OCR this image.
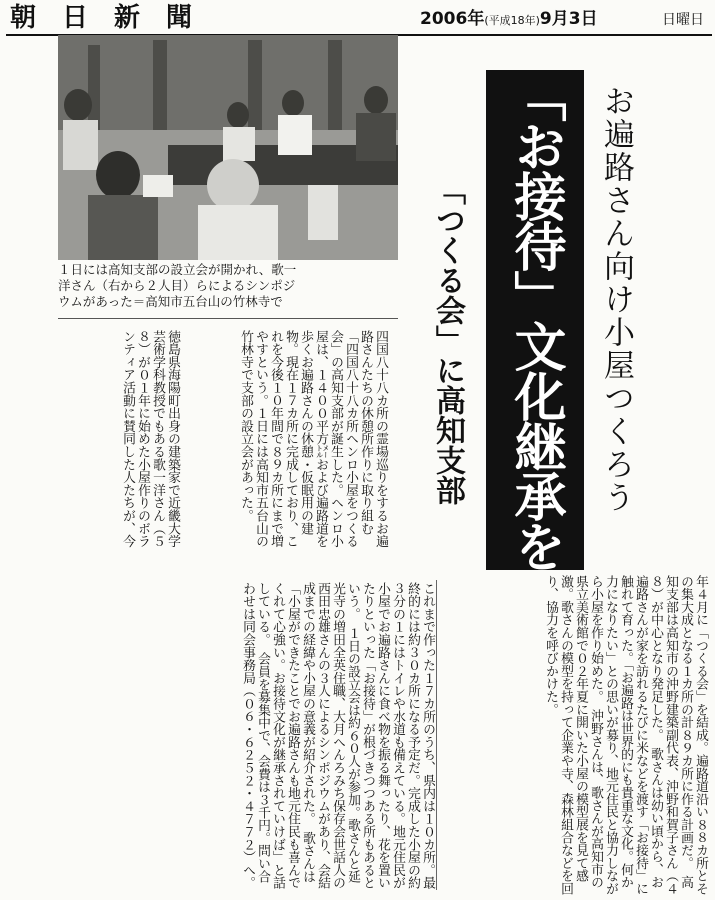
朝日新聞	2006年(平成18年)9月3日	日曜日
１日には高知支部の設立会が開かれ、歌一
洋さん（右から２人目）らによるシンポジ
ウムがあった＝高知市五台山の竹林寺で	お遍路さん向け小屋つくろう
「お接待」文化継承を
「つくる会」に高知支部
四国八十八カ所の霊場巡りをするお遍路さんたちの休憩所作りに取り組む「四国八十八カ所ヘンロ小屋をつくる会」の高知支部が誕生した。ヘンロ小屋は、１４００平方㍍および遍路道を歩くお遍路さんの休憩・仮眠用の建物。現在１７カ所に完成しており、これを今後１０年間で８９カ所にまで増やすという。１日には高知市五台山の竹林寺で支部の設立会があった。
徳島県海陽町出身の建築家で近畿大学芸術学科教授でもある歌一洋さん（５８）が０１年に始めた小屋作りのボランティア活動に賛同した人たちが、今
年４月に「つくる会」を結成。遍路道沿い８８カ所とその集大成となる１カ所の計８９カ所に作る計画だ。　高知支部は高知市の沖野建築副代表、沖野和賀子さん（４８）が中心となり発足した。　歌さんは幼い頃から、お遍路さんが家を訪れるたびに米などを渡す「お接待」に触れて育った。「お遍路は世界的にも貴重な文化。何か力になりたい」との思いが募り、地元住民と協力しながら小屋を作り始めた。　沖野さんは、歌さんが高知市の県立美術館で０２年夏に開いた小屋の模型展を見て感激。歌さんの模型を持って企業や寺、森林組合などを回り、協力を呼びかけた。
これまで作った１７カ所のうち、県内は１０カ所。最終的には約３０カ所になる予定だ。完成した小屋の約３分の１にはトイレや水道も備えている。地元住民が小屋でお遍路さんに食べ物を振る舞ったり、花を置いたりといった「お接待」が根づきつつある所もあるという。　１日の設立会は約６０人が参加。歌さんと延光寺の増田全英住職、大月へんろみち保存会世話人の西田忠雄さんの３人によるシンポジウムがあり、会結成までの経緯や小屋の意義が紹介された。　歌さんは「小屋ができたことでお遍路さんも地元住民も喜んでくれて心強い。お接待文化が継承されていけば」と話している。　会員を募集中で、会費は３千円。問い合わせは同会事務局（０６・６２５２・４７７２）へ。
